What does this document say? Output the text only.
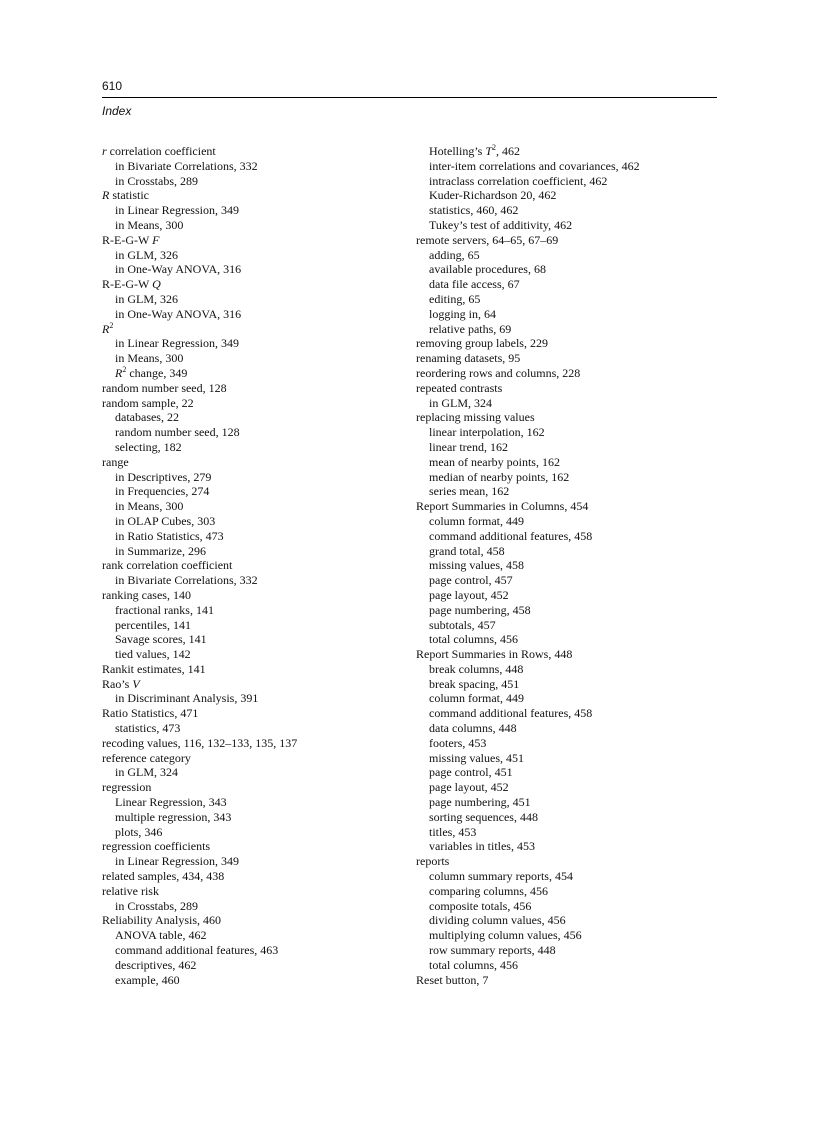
610
Index
r correlation coefficient
in Bivariate Correlations, 332
in Crosstabs, 289
R statistic
in Linear Regression, 349
in Means, 300
R-E-G-W F
in GLM, 326
in One-Way ANOVA, 316
R-E-G-W Q
in GLM, 326
in One-Way ANOVA, 316
$R^2$
in Linear Regression, 349
in Means, 300
$R^2$ change, 349
random number seed, 128
random sample, 22
databases, 22
random number seed, 128
selecting, 182
range
in Descriptives, 279
in Frequencies, 274
in Means, 300
in OLAP Cubes, 303
in Ratio Statistics, 473
in Summarize, 296
rank correlation coefficient
in Bivariate Correlations, 332
ranking cases, 140
fractional ranks, 141
percentiles, 141
Savage scores, 141
tied values, 142
Rankit estimates, 141
Rao’s V
in Discriminant Analysis, 391
Ratio Statistics, 471
statistics, 473
recoding values, 116, 132–133, 135, 137
reference category
in GLM, 324
regression
Linear Regression, 343
multiple regression, 343
plots, 346
regression coefficients
in Linear Regression, 349
related samples, 434, 438
relative risk
in Crosstabs, 289
Reliability Analysis, 460
ANOVA table, 462
command additional features, 463
descriptives, 462
example, 460
Hotelling’s $T^2$, 462
inter-item correlations and covariances, 462
intraclass correlation coefficient, 462
Kuder-Richardson 20, 462
statistics, 460, 462
Tukey’s test of additivity, 462
remote servers, 64–65, 67–69
adding, 65
available procedures, 68
data file access, 67
editing, 65
logging in, 64
relative paths, 69
removing group labels, 229
renaming datasets, 95
reordering rows and columns, 228
repeated contrasts
in GLM, 324
replacing missing values
linear interpolation, 162
linear trend, 162
mean of nearby points, 162
median of nearby points, 162
series mean, 162
Report Summaries in Columns, 454
column format, 449
command additional features, 458
grand total, 458
missing values, 458
page control, 457
page layout, 452
page numbering, 458
subtotals, 457
total columns, 456
Report Summaries in Rows, 448
break columns, 448
break spacing, 451
column format, 449
command additional features, 458
data columns, 448
footers, 453
missing values, 451
page control, 451
page layout, 452
page numbering, 451
sorting sequences, 448
titles, 453
variables in titles, 453
reports
column summary reports, 454
comparing columns, 456
composite totals, 456
dividing column values, 456
multiplying column values, 456
row summary reports, 448
total columns, 456
Reset button, 7
